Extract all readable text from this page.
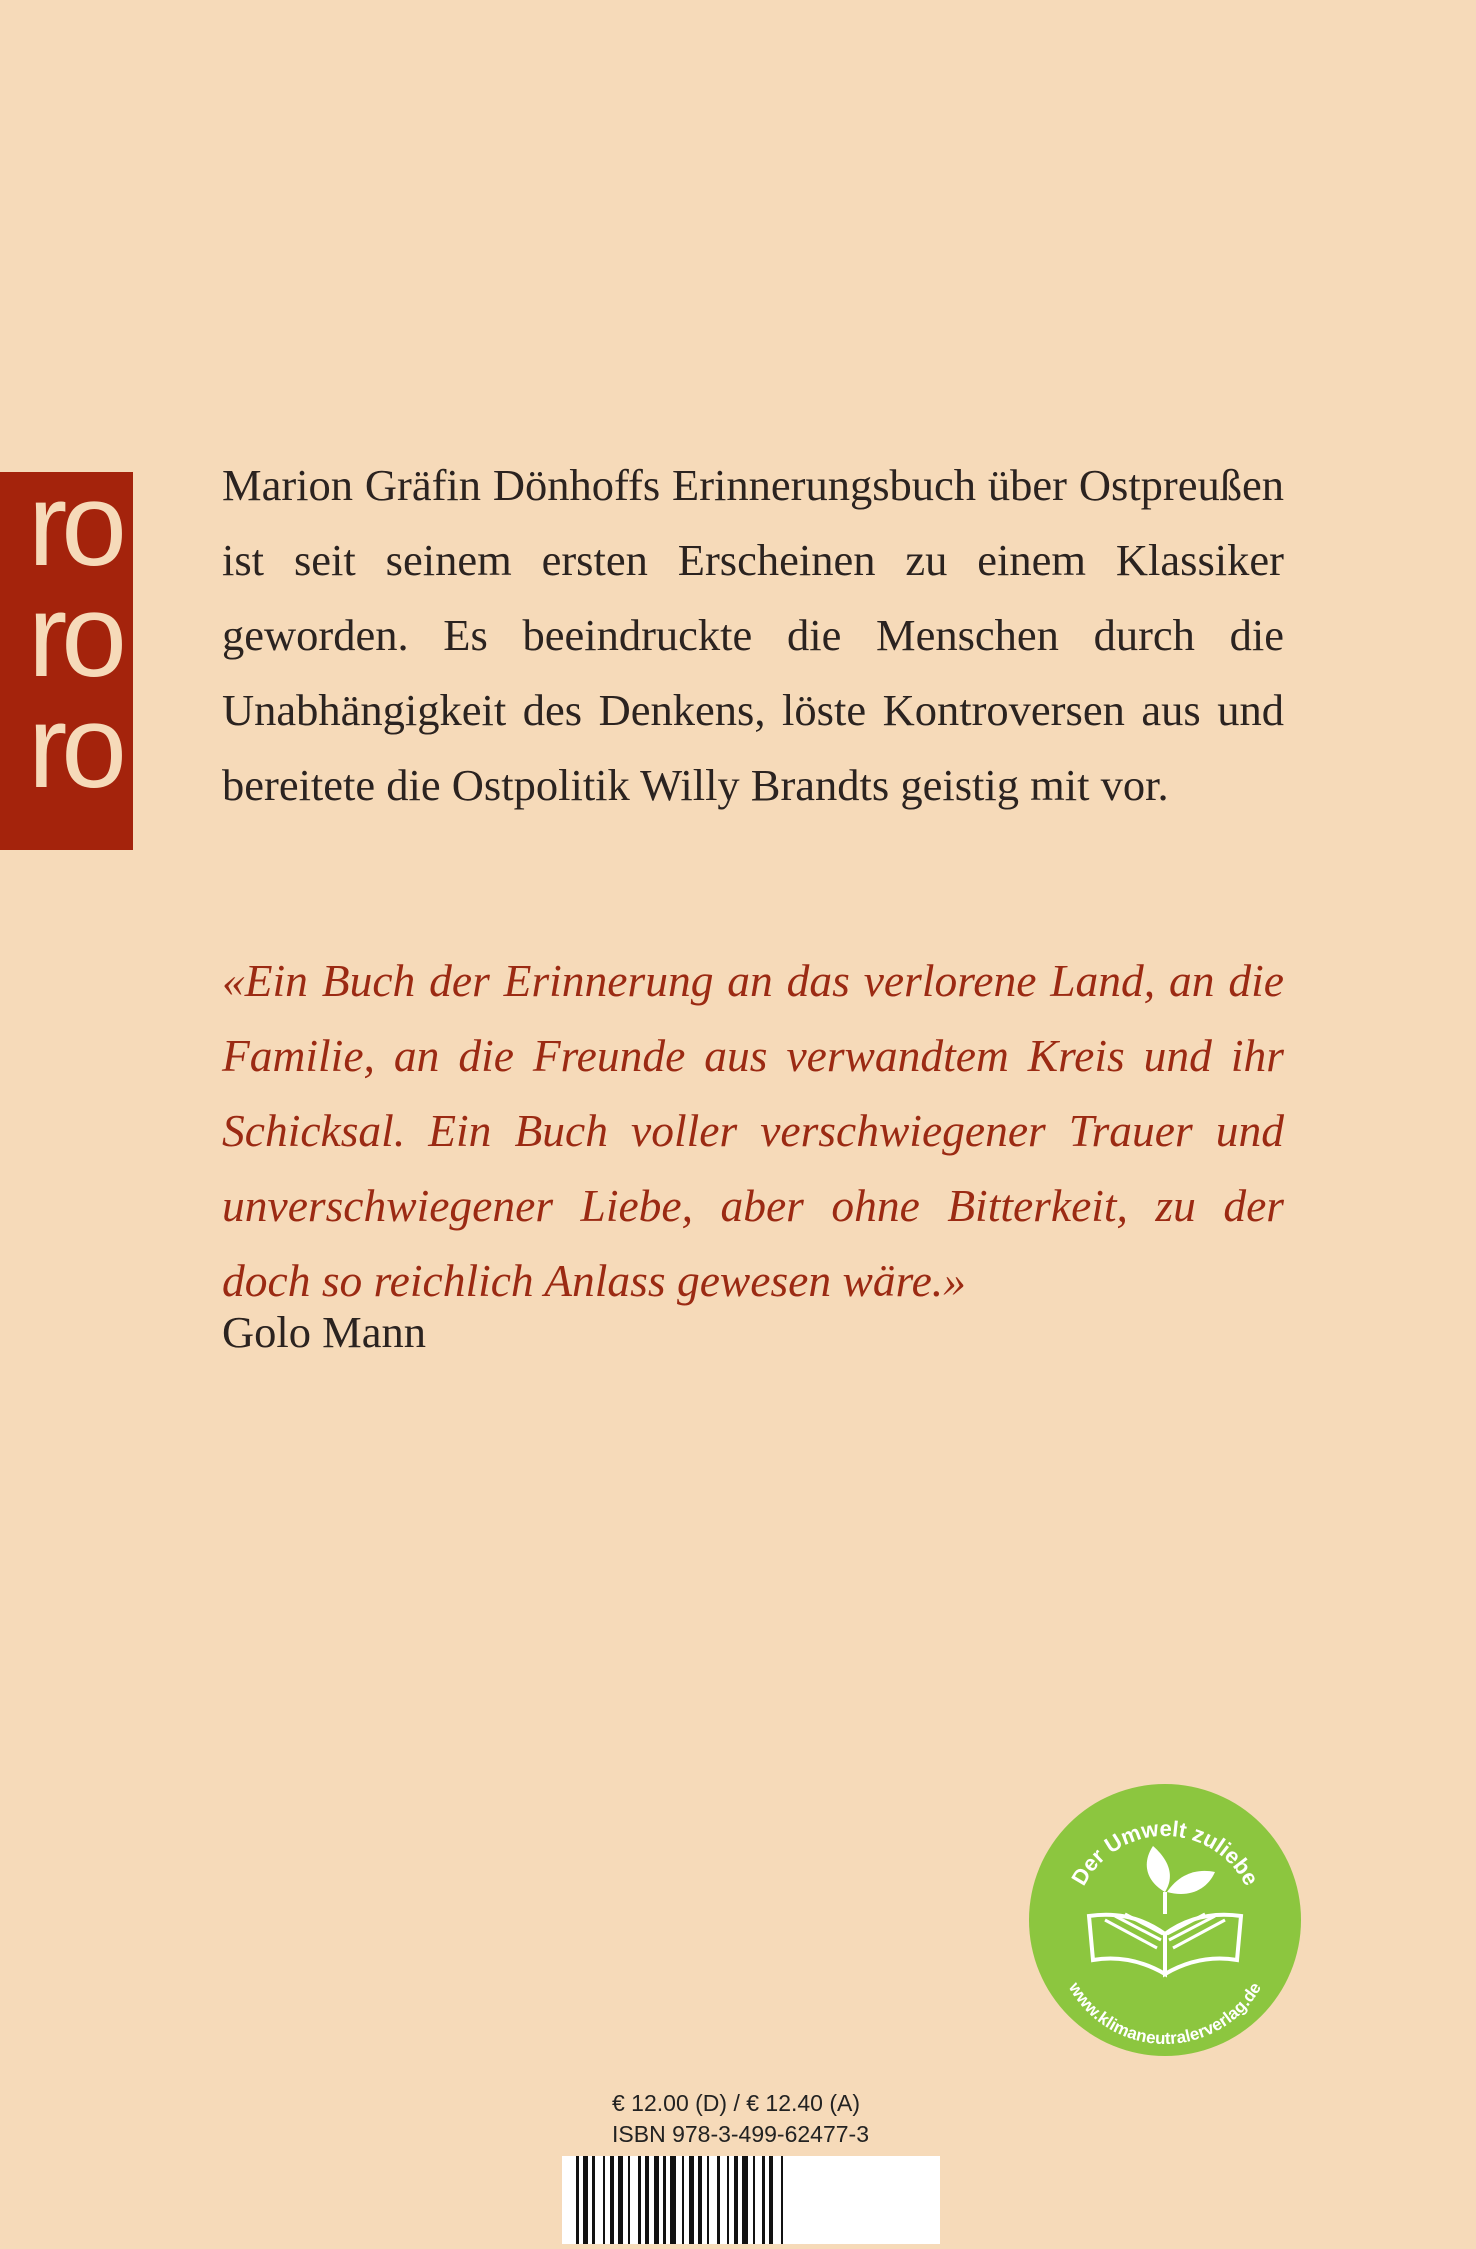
ro
ro
ro

Marion Gräfin Dönhoffs Erinnerungsbuch über Ostpreußen ist seit seinem ersten Erscheinen zu einem Klassiker geworden. Es beeindruckte die Menschen durch die Unabhängigkeit des Denkens, löste Kontroversen aus und bereitete die Ostpolitik Willy Brandts geistig mit vor.

«Ein Buch der Erinnerung an das verlorene Land, an die Familie, an die Freunde aus verwandtem Kreis und ihr Schicksal. Ein Buch voller verschwiegener Trauer und unverschwiegener Liebe, aber ohne Bitterkeit, zu der doch so reichlich Anlass gewesen wäre.»

Golo Mann

Der Umwelt zuliebe
www.klimaneutralerverlag.de
€ 12.00 (D) / € 12.40 (A)
ISBN 978-3-499-62477-3
